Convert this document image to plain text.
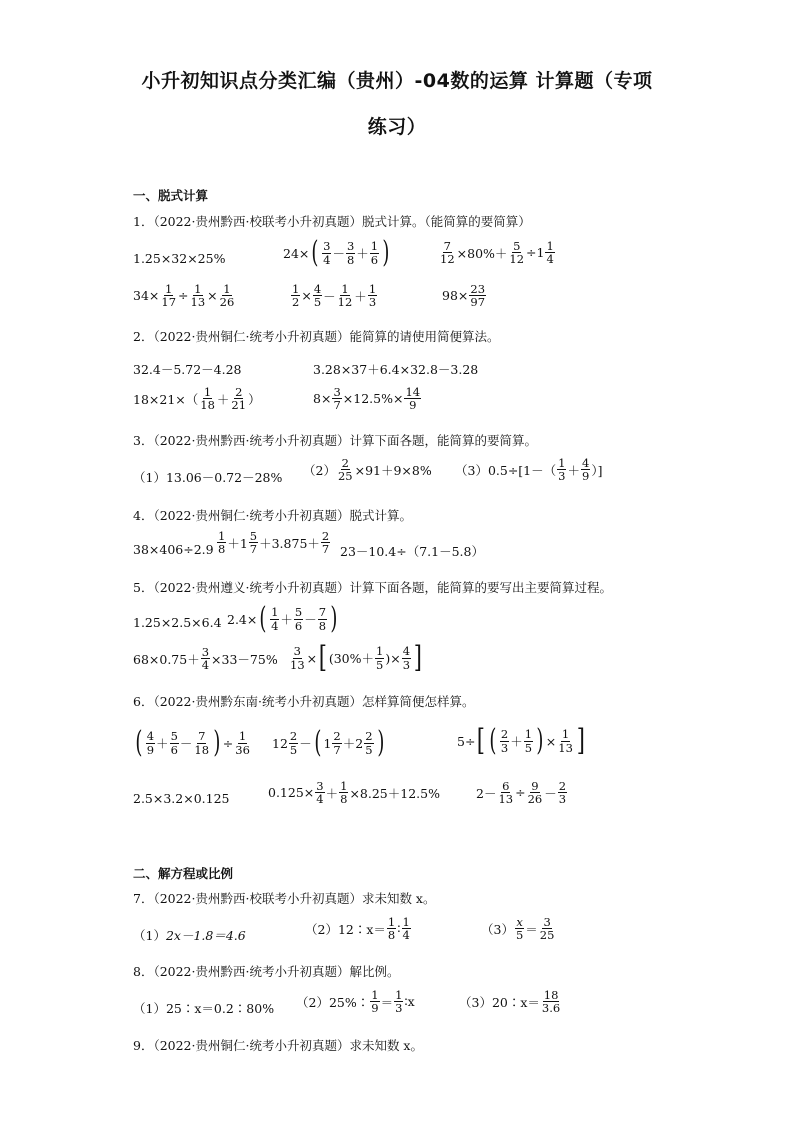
小升初知识点分类汇编（贵州）-04数的运算 计算题（专项
练习）
一、脱式计算
1．（2022·贵州黔西·校联考小升初真题）脱式计算。（能简算的要简算）
1.25×32×25%	24× ( $\frac{3}{4} - \frac{3}{8} + \frac{1}{6}$ )	$\frac{7}{12} \times 80\%+ \frac{5}{12} \div 1 \frac{1}{4}$
$34\times \frac{1}{17} \div \frac{1}{13} \times \frac{1}{26}$	$\frac{1}{2} \times \frac{4}{5} - \frac{1}{12} + \frac{1}{3}$	$98\times \frac{23}{97}$
2．（2022·贵州铜仁·统考小升初真题）能简算的请使用简便算法。
32.4－5.72－4.28	3.28×37＋6.4×32.8－3.28
$18\times 21\times( \frac{1}{18} + \frac{2}{21}$ ）	$8\times \frac{3}{7} \times 12.5\%\times \frac{14}{9}$
3．（2022·贵州黔西·统考小升初真题）计算下面各题，能简算的要简算。
（1）13.06－0.72－28% $(2) \frac{2}{25} \times 91+9\times 8\%$ $(3)0.5\div[1-( \frac{1}{3} + \frac{4}{9}$ ）]
4．（2022·贵州铜仁·统考小升初真题）脱式计算。
$38\times 406\div 2.9 \frac{1}{8} +1 \frac{5}{7} +3.875+ \frac{2}{7} 23-10.4\div(7.1-5.8)$
5．（2022·贵州遵义·统考小升初真题）计算下面各题，能简算的要写出主要简算过程。
1.25×2.5×6.4 2.4× ( $\frac{1}{4} + \frac{5}{6} - \frac{7}{8}$ )
$68\times 0.75+ \frac{3}{4} \times 33-75\% \frac{3}{13}$ × [ ($30\%+ \frac{1}{5}$ )× $\frac{4}{3}$ ]
6．（2022·贵州黔东南·统考小升初真题）怎样算简便怎样算。
( $\frac{4}{9} + \frac{5}{6} - \frac{7}{18}$ ) ÷ $\frac{1}{36} 12 \frac{2}{5}$ － ( $1 \frac{2}{7} + 2 \frac{2}{5}$ )	5÷ [ ( $\frac{2}{3} + \frac{1}{5}$ ) × $\frac{1}{13}$ ]
2.5×3.2×0.125	$0.125\times \frac{3}{4} + \frac{1}{8} \times 8.25+12.5\%$	$2- \frac{6}{13} \div \frac{9}{26} - \frac{2}{3}$
二、解方程或比例
7．（2022·贵州黔西·校联考小升初真题）求未知数 x。
（1） 2x－1.8＝4.6	（2）12∶x＝ $\frac{1}{8}$ ∶ $\frac{1}{4}$	$(3) \frac{x}{5} = \frac{3}{25}$
8．（2022·贵州黔西·统考小升初真题）解比例。
（1）25∶x＝0.2∶80% （2）25%∶ $\frac{1}{9} = \frac{1}{3}$ ∶x	（3）20∶x＝ $\frac{18}{3.6}$
9．（2022·贵州铜仁·统考小升初真题）求未知数 x。
